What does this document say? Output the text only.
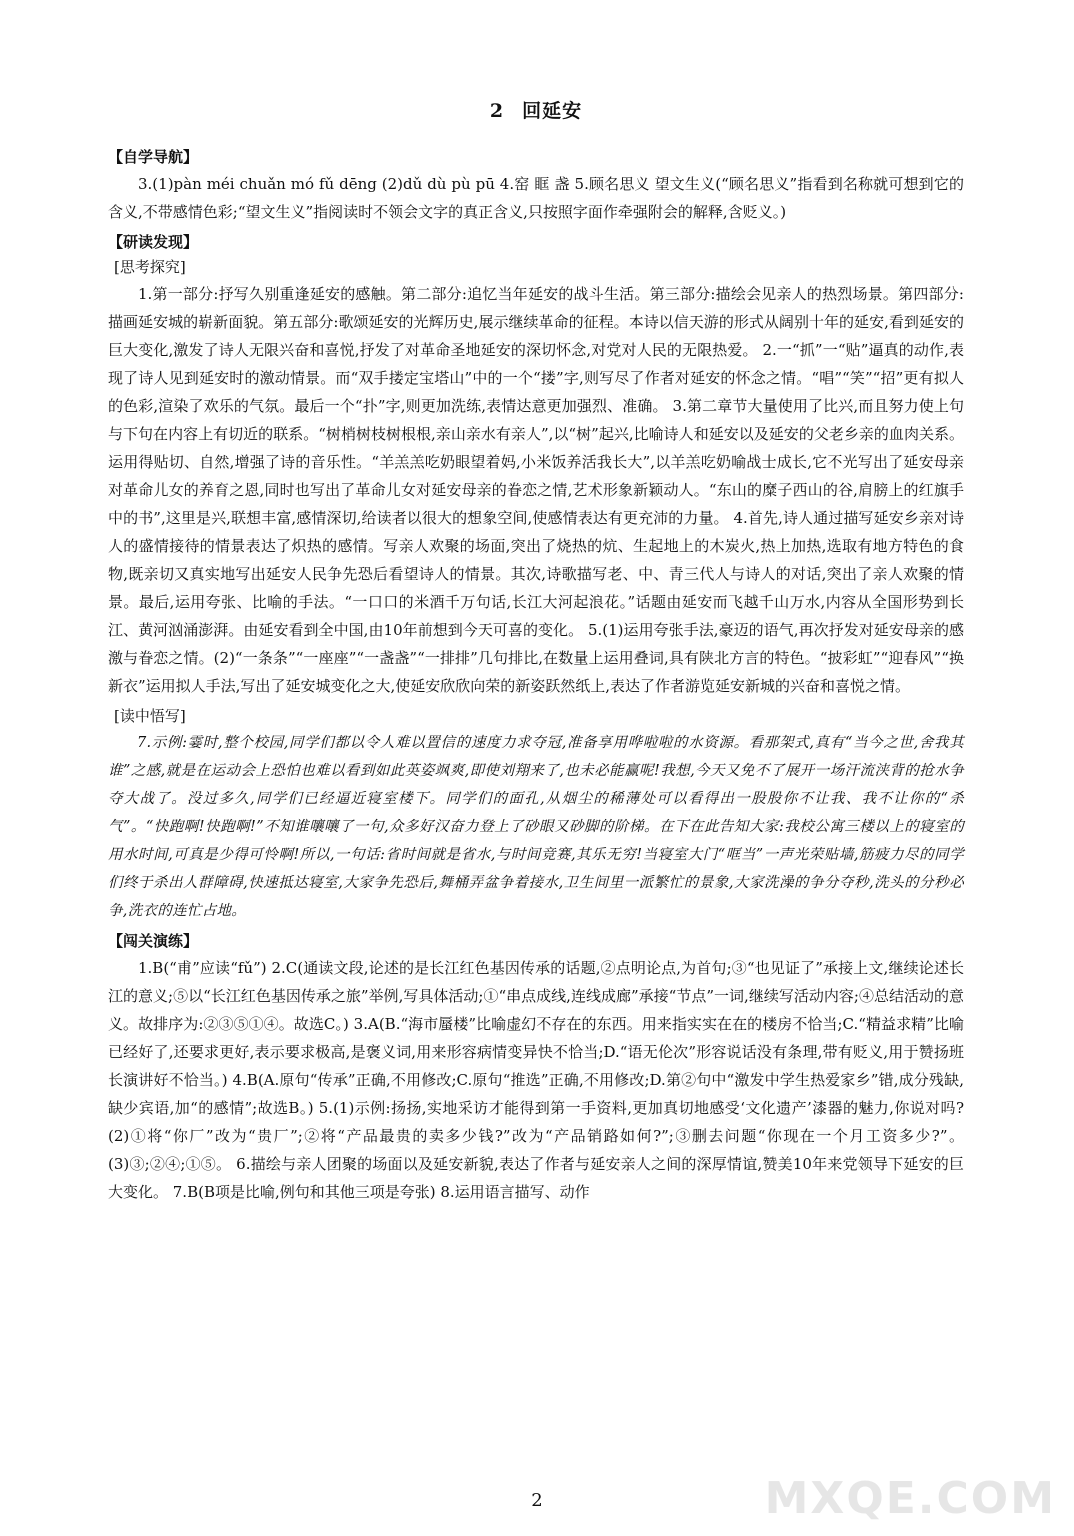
2 回延安

【自学导航】

3.(1)pàn méi chuǎn mó fǔ dēng (2)dǔ dù pù pū 4.窑 眶 盏 5.顾名思义 望文生义(“顾名思义”指看到名称就可想到它的含义,不带感情色彩;“望文生义”指阅读时不领会文字的真正含义,只按照字面作牵强附会的解释,含贬义。)

【研读发现】

[思考探究]

1.第一部分:抒写久别重逢延安的感触。第二部分:追忆当年延安的战斗生活。第三部分:描绘会见亲人的热烈场景。第四部分:描画延安城的崭新面貌。第五部分:歌颂延安的光辉历史,展示继续革命的征程。本诗以信天游的形式从阔别十年的延安,看到延安的巨大变化,激发了诗人无限兴奋和喜悦,抒发了对革命圣地延安的深切怀念,对党对人民的无限热爱。 2.一“抓”一“贴”逼真的动作,表现了诗人见到延安时的激动情景。而“双手搂定宝塔山”中的一个“搂”字,则写尽了作者对延安的怀念之情。“唱”“笑”“招”更有拟人的色彩,渲染了欢乐的气氛。最后一个“扑”字,则更加洗练,表情达意更加强烈、准确。 3.第二章节大量使用了比兴,而且努力使上句与下句在内容上有切近的联系。“树梢树枝树根根,亲山亲水有亲人”,以“树”起兴,比喻诗人和延安以及延安的父老乡亲的血肉关系。运用得贴切、自然,增强了诗的音乐性。“羊羔羔吃奶眼望着妈,小米饭养活我长大”,以羊羔吃奶喻战士成长,它不光写出了延安母亲对革命儿女的养育之恩,同时也写出了革命儿女对延安母亲的眷恋之情,艺术形象新颖动人。“东山的糜子西山的谷,肩膀上的红旗手中的书”,这里是兴,联想丰富,感情深切,给读者以很大的想象空间,使感情表达有更充沛的力量。 4.首先,诗人通过描写延安乡亲对诗人的盛情接待的情景表达了炽热的感情。写亲人欢聚的场面,突出了烧热的炕、生起地上的木炭火,热上加热,选取有地方特色的食物,既亲切又真实地写出延安人民争先恐后看望诗人的情景。其次,诗歌描写老、中、青三代人与诗人的对话,突出了亲人欢聚的情景。最后,运用夸张、比喻的手法。“一口口的米酒千万句话,长江大河起浪花。”话题由延安而飞越千山万水,内容从全国形势到长江、黄河汹涌澎湃。由延安看到全中国,由10年前想到今天可喜的变化。 5.(1)运用夸张手法,豪迈的语气,再次抒发对延安母亲的感激与眷恋之情。(2)“一条条”“一座座”“一盏盏”“一排排”几句排比,在数量上运用叠词,具有陕北方言的特色。“披彩虹”“迎春风”“换新衣”运用拟人手法,写出了延安城变化之大,使延安欣欣向荣的新姿跃然纸上,表达了作者游览延安新城的兴奋和喜悦之情。

[读中悟写]

7.示例:霎时,整个校园,同学们都以令人难以置信的速度力求夺冠,准备享用哗啦啦的水资源。看那架式,真有“当今之世,舍我其谁”之感,就是在运动会上恐怕也难以看到如此英姿飒爽,即使刘翔来了,也未必能赢呢!我想,今天又免不了展开一场汗流浃背的抢水争夺大战了。没过多久,同学们已经逼近寝室楼下。同学们的面孔,从烟尘的稀薄处可以看得出一股股你不让我、我不让你的“杀气”。“快跑啊!快跑啊!”不知谁嚷嚷了一句,众多好汉奋力登上了砂眼又砂脚的阶梯。在下在此告知大家:我校公寓三楼以上的寝室的用水时间,可真是少得可怜啊!所以,一句话:省时间就是省水,与时间竞赛,其乐无穷!当寝室大门“哐当”一声光荣贴墙,筋疲力尽的同学们终于杀出人群障碍,快速抵达寝室,大家争先恐后,舞桶弄盆争着接水,卫生间里一派繁忙的景象,大家洗澡的争分夺秒,洗头的分秒必争,洗衣的连忙占地。

【闯关演练】

1.B(“甫”应读“fǔ”) 2.C(通读文段,论述的是长江红色基因传承的话题,②点明论点,为首句;③“也见证了”承接上文,继续论述长江的意义;⑤以“长江红色基因传承之旅”举例,写具体活动;①“串点成线,连线成廊”承接“节点”一词,继续写活动内容;④总结活动的意义。故排序为:②③⑤①④。故选C。) 3.A(B.“海市蜃楼”比喻虚幻不存在的东西。用来指实实在在的楼房不恰当;C.“精益求精”比喻已经好了,还要求更好,表示要求极高,是褒义词,用来形容病情变异快不恰当;D.“语无伦次”形容说话没有条理,带有贬义,用于赞扬班长演讲好不恰当。) 4.B(A.原句“传承”正确,不用修改;C.原句“推选”正确,不用修改;D.第②句中“激发中学生热爱家乡”错,成分残缺,缺少宾语,加“的感情”;故选B。) 5.(1)示例:扬扬,实地采访才能得到第一手资料,更加真切地感受‘文化遗产’漆器的魅力,你说对吗?(2)①将“你厂”改为“贵厂”;②将“产品最贵的卖多少钱?”改为“产品销路如何?”;③删去问题“你现在一个月工资多少?”。(3)③;②④;①⑤。 6.描绘与亲人团聚的场面以及延安新貌,表达了作者与延安亲人之间的深厚情谊,赞美10年来党领导下延安的巨大变化。 7.B(B项是比喻,例句和其他三项是夸张) 8.运用语言描写、动作

2	MXQE.COM
